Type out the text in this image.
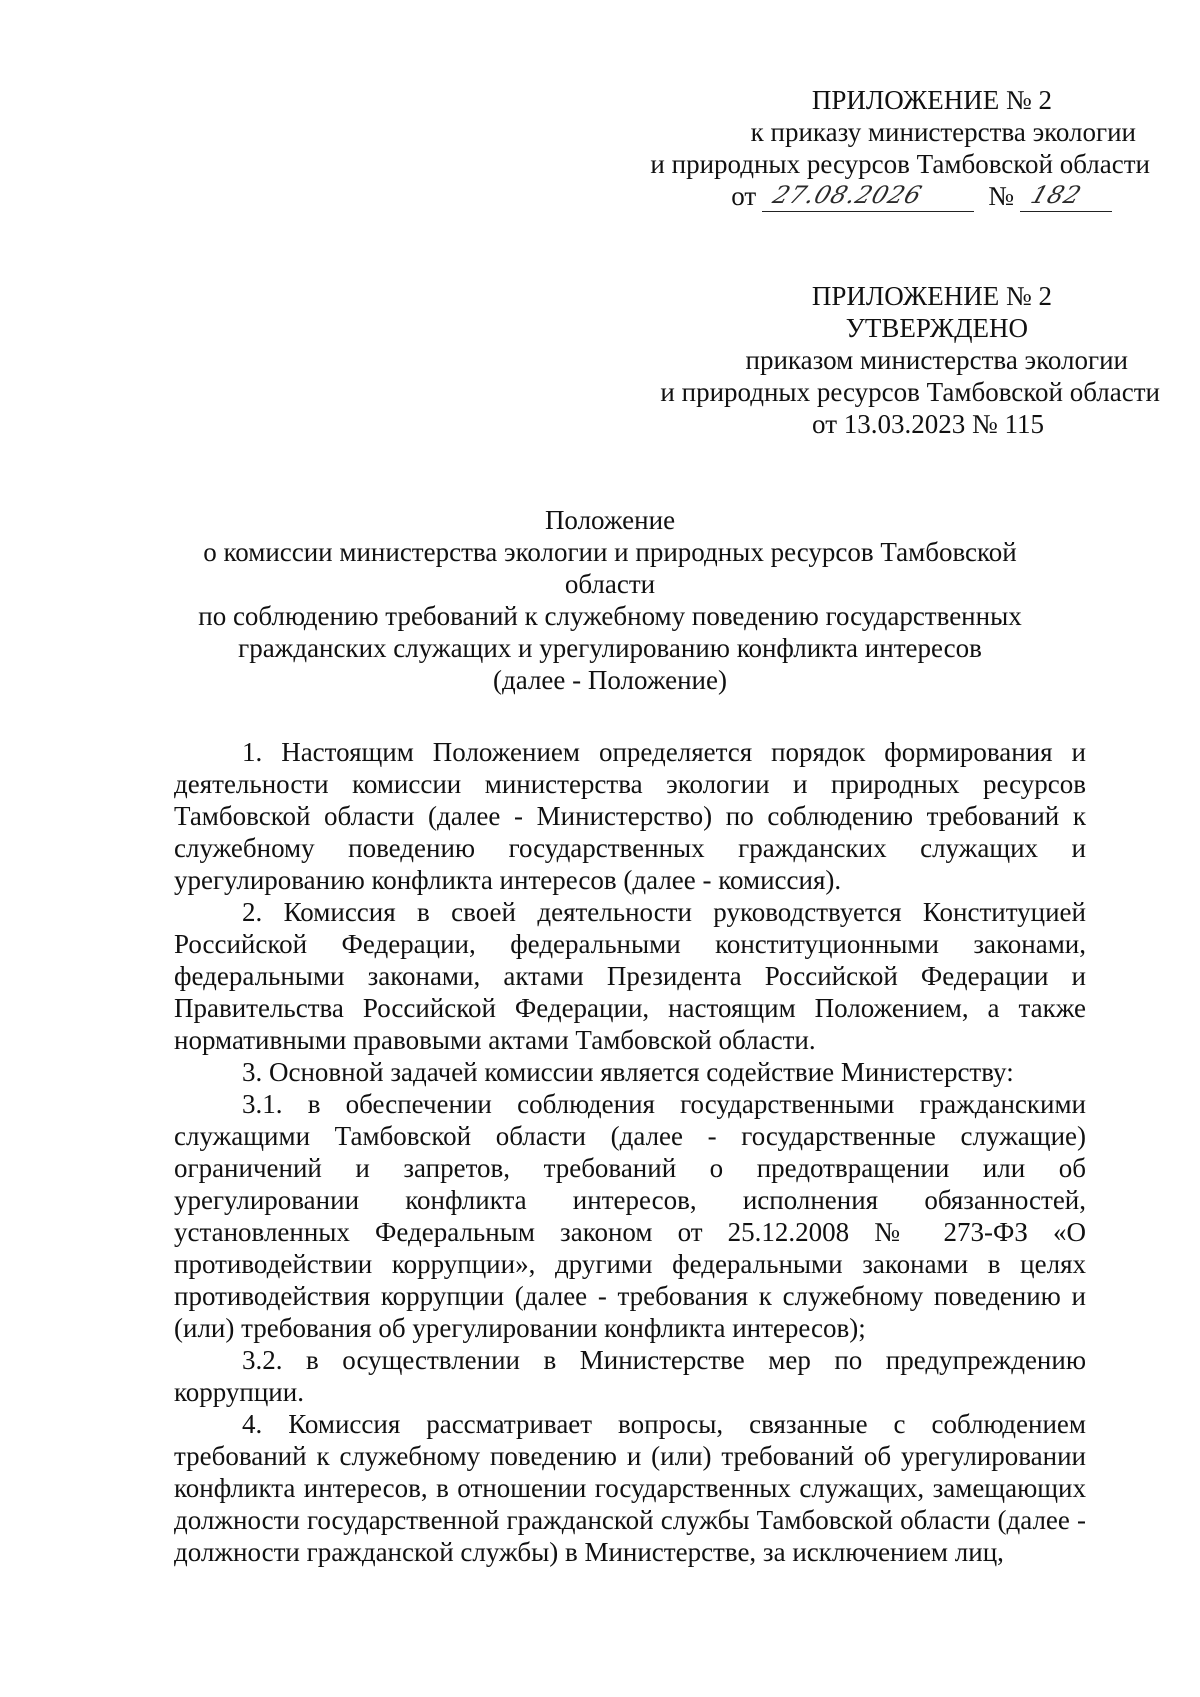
ПРИЛОЖЕНИЕ № 2
к приказу министерства экологии
и природных ресурсов Тамбовской области
от 27.08.2026 № 182
ПРИЛОЖЕНИЕ № 2
УТВЕРЖДЕНО
приказом министерства экологии
и природных ресурсов Тамбовской области
от 13.03.2023 № 115
Положение
о комиссии министерства экологии и природных ресурсов Тамбовской области
по соблюдению требований к служебному поведению государственных
гражданских служащих и урегулированию конфликта интересов
(далее - Положение)

1. Настоящим Положением определяется порядок формирования и деятельности комиссии министерства экологии и природных ресурсов Тамбовской области (далее - Министерство) по соблюдению требований к служебному поведению государственных гражданских служащих и урегулированию конфликта интересов (далее - комиссия).

2. Комиссия в своей деятельности руководствуется Конституцией Российской Федерации, федеральными конституционными законами, федеральными законами, актами Президента Российской Федерации и Правительства Российской Федерации, настоящим Положением, а также нормативными правовыми актами Тамбовской области.

3. Основной задачей комиссии является содействие Министерству:

3.1. в обеспечении соблюдения государственными гражданскими служащими Тамбовской области (далее - государственные служащие) ограничений и запретов, требований о предотвращении или об урегулировании конфликта интересов, исполнения обязанностей, установленных Федеральным законом от 25.12.2008 № 273-ФЗ «О противодействии коррупции», другими федеральными законами в целях противодействия коррупции (далее - требования к служебному поведению и (или) требования об урегулировании конфликта интересов);

3.2. в осуществлении в Министерстве мер по предупреждению коррупции.

4. Комиссия рассматривает вопросы, связанные с соблюдением требований к служебному поведению и (или) требований об урегулировании конфликта интересов, в отношении государственных служащих, замещающих должности государственной гражданской службы Тамбовской области (далее - должности гражданской службы) в Министерстве, за исключением лиц,
